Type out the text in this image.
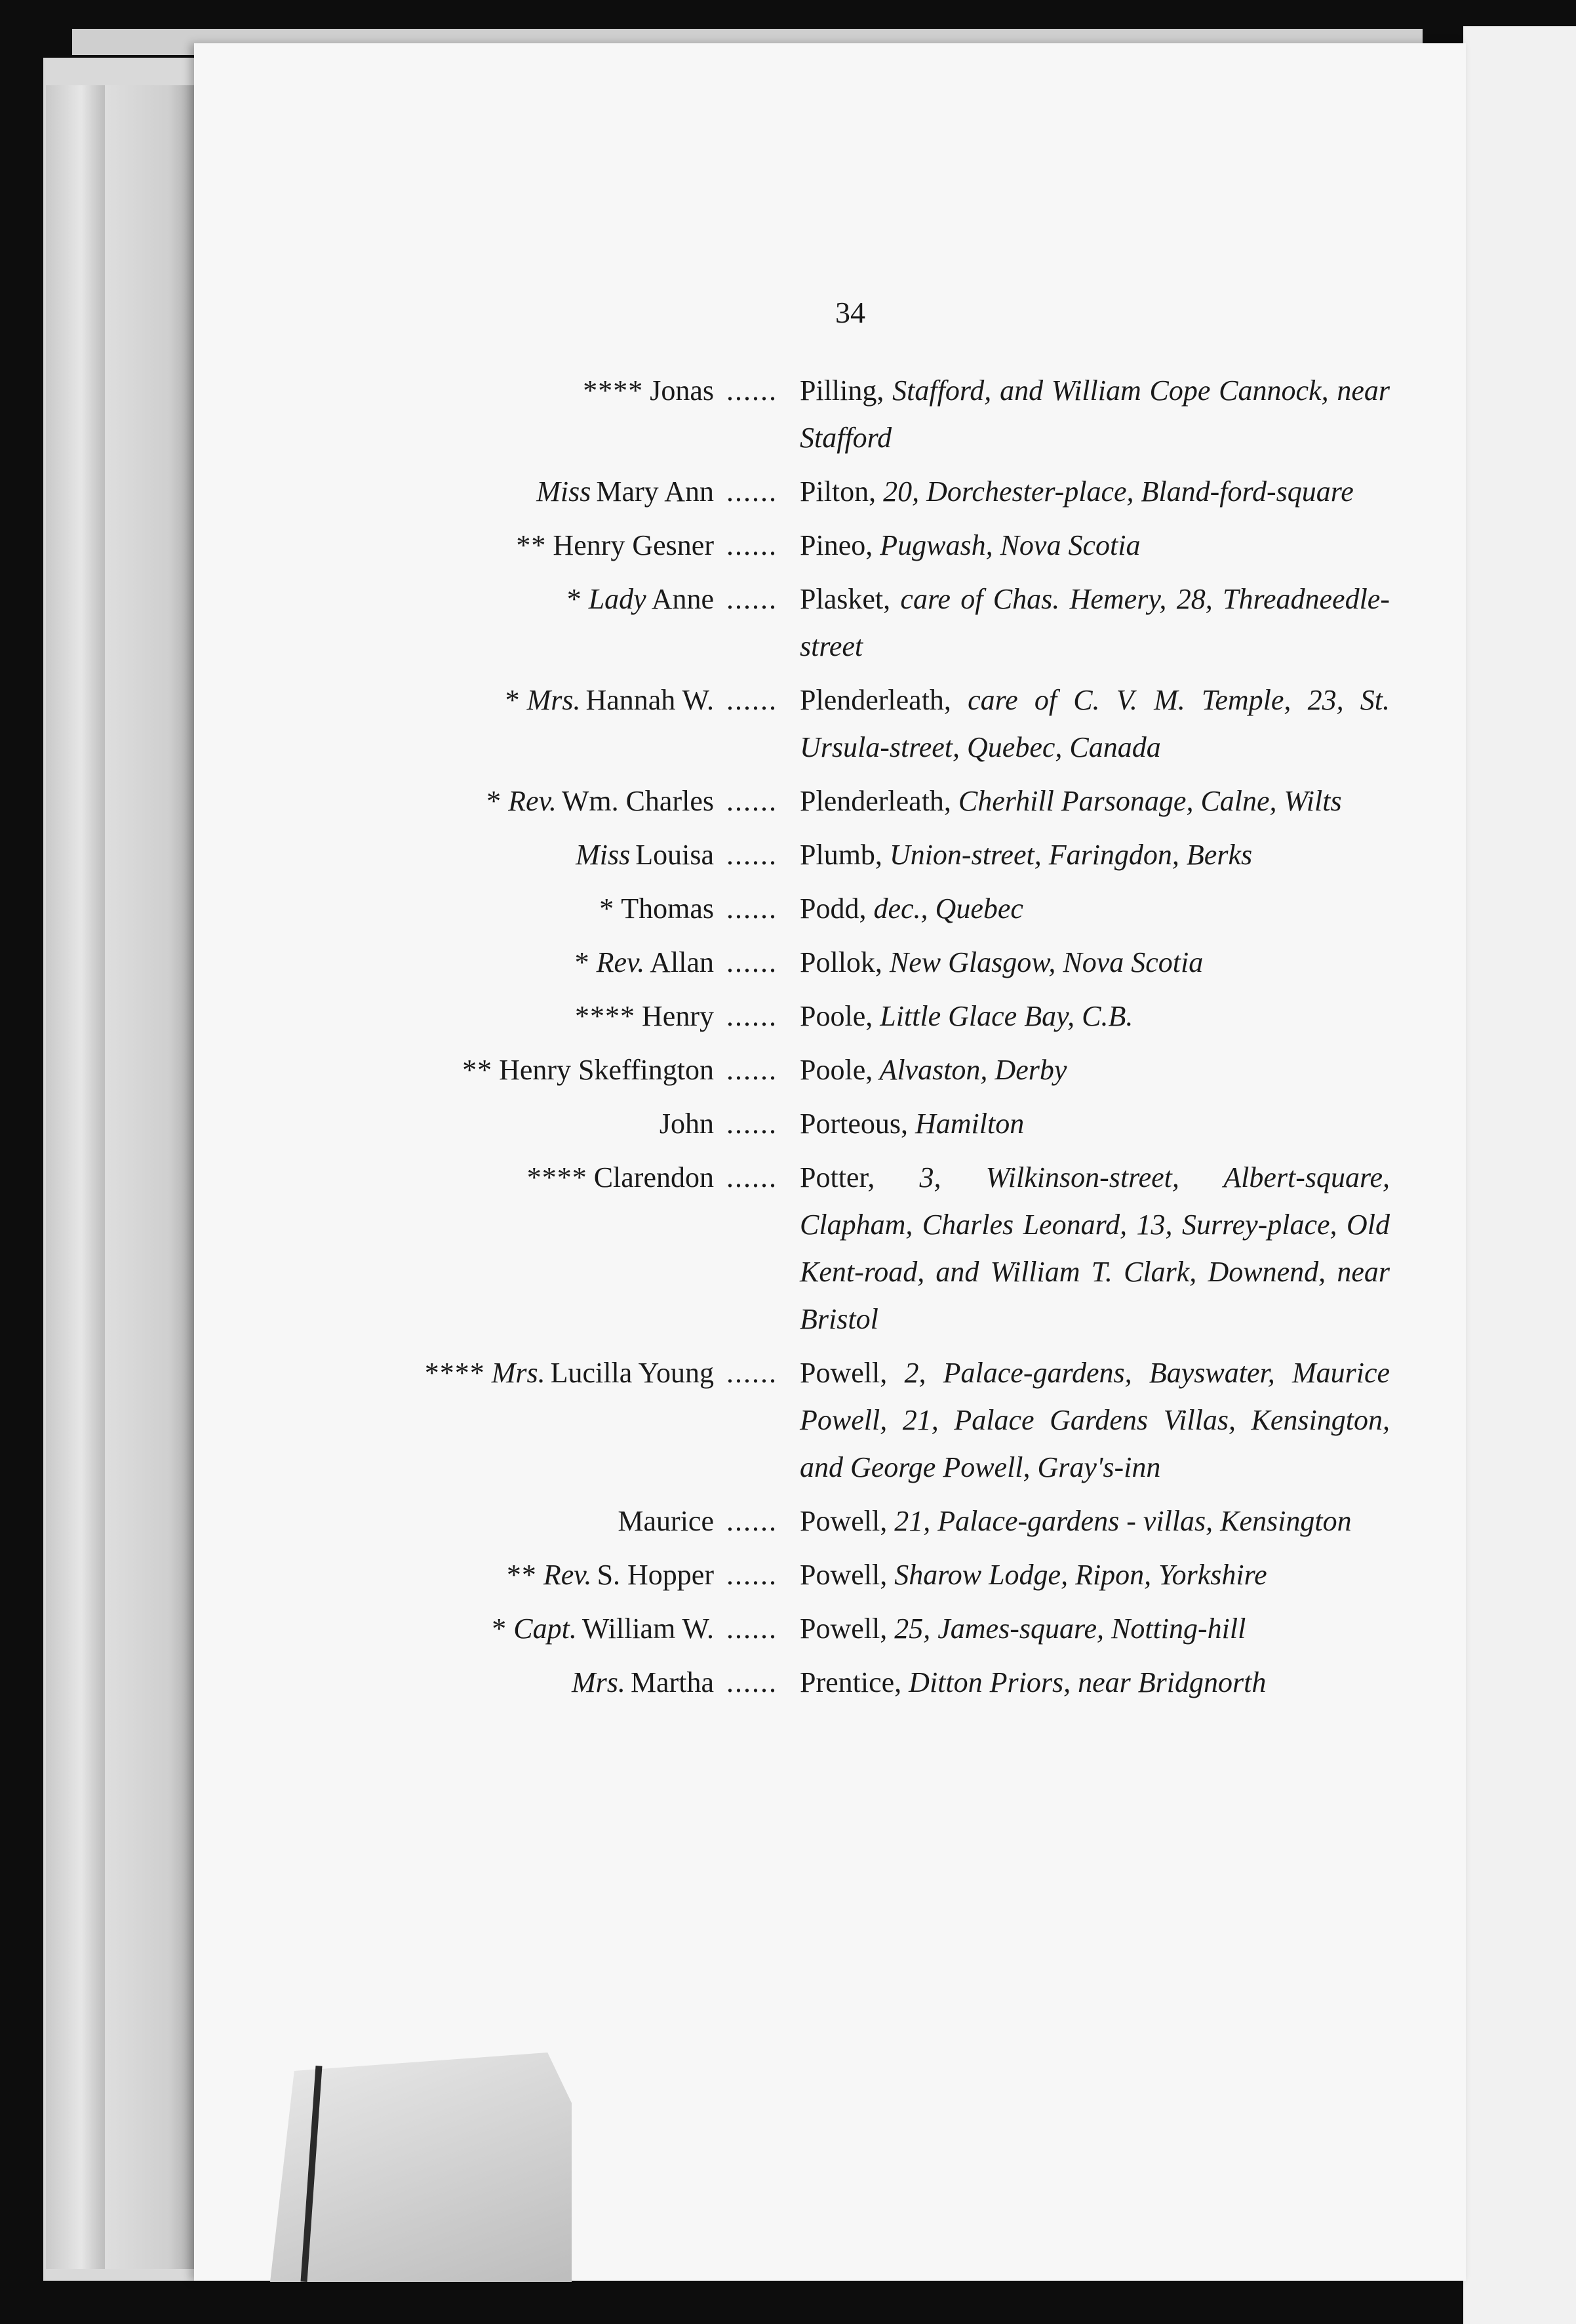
34
**** Jonas ...... Pilling, Stafford, and William Cope Cannock, near Stafford
Miss Mary Ann ...... Pilton, 20, Dorchester-place, Bland-ford-square
** Henry Gesner ...... Pineo, Pugwash, Nova Scotia
* Lady Anne ...... Plasket, care of Chas. Hemery, 28, Threadneedle-street
* Mrs. Hannah W. ...... Plenderleath, care of C. V. M. Temple, 23, St. Ursula-street, Quebec, Canada
* Rev. Wm. Charles ...... Plenderleath, Cherhill Parsonage, Calne, Wilts
Miss Louisa ...... Plumb, Union-street, Faringdon, Berks
* Thomas ...... Podd, dec., Quebec
* Rev. Allan ...... Pollok, New Glasgow, Nova Scotia
**** Henry ...... Poole, Little Glace Bay, C.B.
** Henry Skeffington ...... Poole, Alvaston, Derby
John ...... Porteous, Hamilton
**** Clarendon ...... Potter, 3, Wilkinson-street, Albert-square, Clapham, Charles Leonard, 13, Surrey-place, Old Kent-road, and William T. Clark, Downend, near Bristol
**** Mrs. Lucilla Young ...... Powell, 2, Palace-gardens, Bayswater, Maurice Powell, 21, Palace Gardens Villas, Kensington, and George Powell, Gray's-inn
Maurice ...... Powell, 21, Palace-gardens - villas, Kensington
** Rev. S. Hopper ...... Powell, Sharow Lodge, Ripon, Yorkshire
* Capt. William W. ...... Powell, 25, James-square, Notting-hill
Mrs. Martha ...... Prentice, Ditton Priors, near Bridgnorth
